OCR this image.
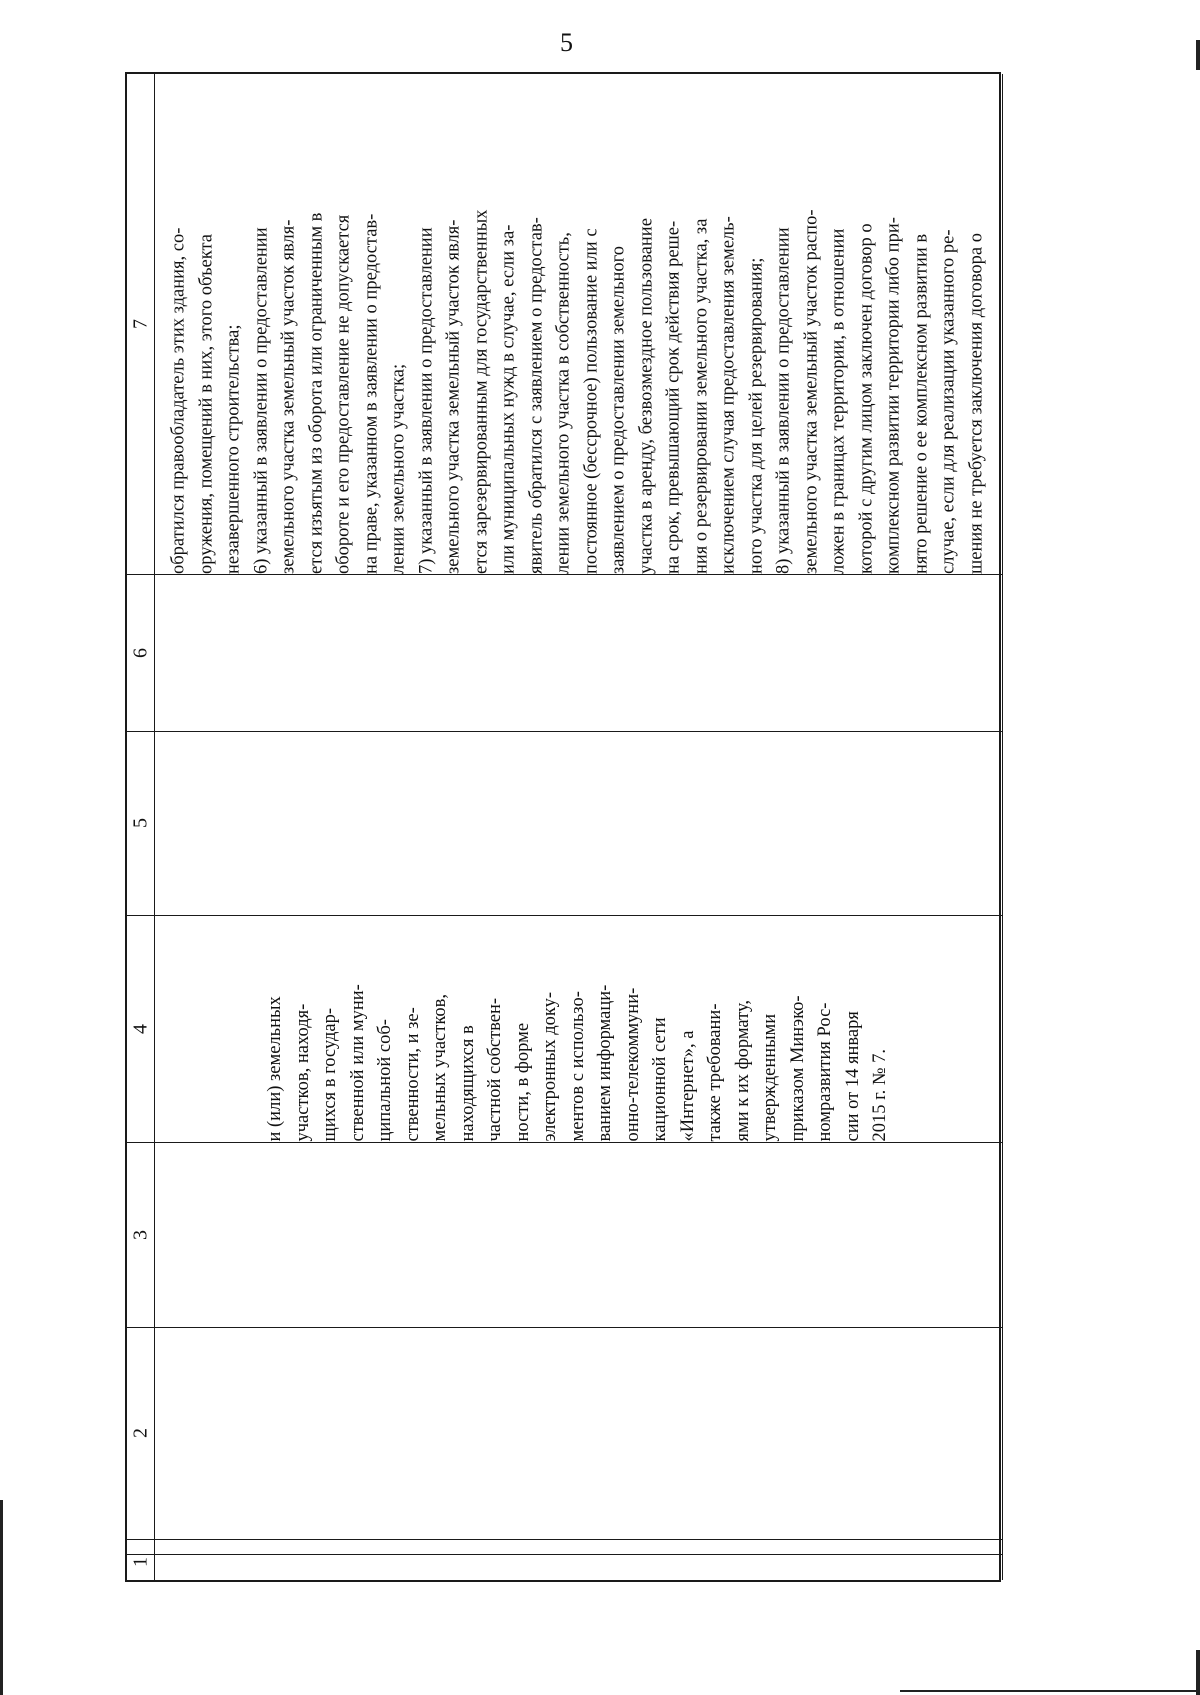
5
7
6
5
4
3
2
1
и (или) земельных участков, находя- щихся в государ- ственной или муни- ципальной соб- ственности, и зе- мельных участков, находящихся в частной собствен- ности, в форме электронных доку- ментов с использо- ванием информаци- онно-телекоммуни- кационной сети «Интернет», а также требовани- ями к их формату, утвержденными приказом Минэко- номразвития Рос- сии от 14 января 2015 г. № 7.
обратился правообладатель этих здания, со- оружения, помещений в них, этого объекта незавершенного строительства; 6) указанный в заявлении о предоставлении земельного участка земельный участок явля- ется изъятым из оборота или ограниченным в обороте и его предоставление не допускается на праве, указанном в заявлении о предостав- лении земельного участка; 7) указанный в заявлении о предоставлении земельного участка земельный участок явля- ется зарезервированным для государственных или муниципальных нужд в случае, если за- явитель обратился с заявлением о предостав- лении земельного участка в собственность, постоянное (бессрочное) пользование или с заявлением о предоставлении земельного участка в аренду, безвозмездное пользование на срок, превышающий срок действия реше- ния о резервировании земельного участка, за исключением случая предоставления земель- ного участка для целей резервирования; 8) указанный в заявлении о предоставлении земельного участка земельный участок распо- ложен в границах территории, в отношении которой с другим лицом заключен договор о комплексном развитии территории либо при- нято решение о ее комплексном развитии в случае, если для реализации указанного ре- шения не требуется заключения договора о
